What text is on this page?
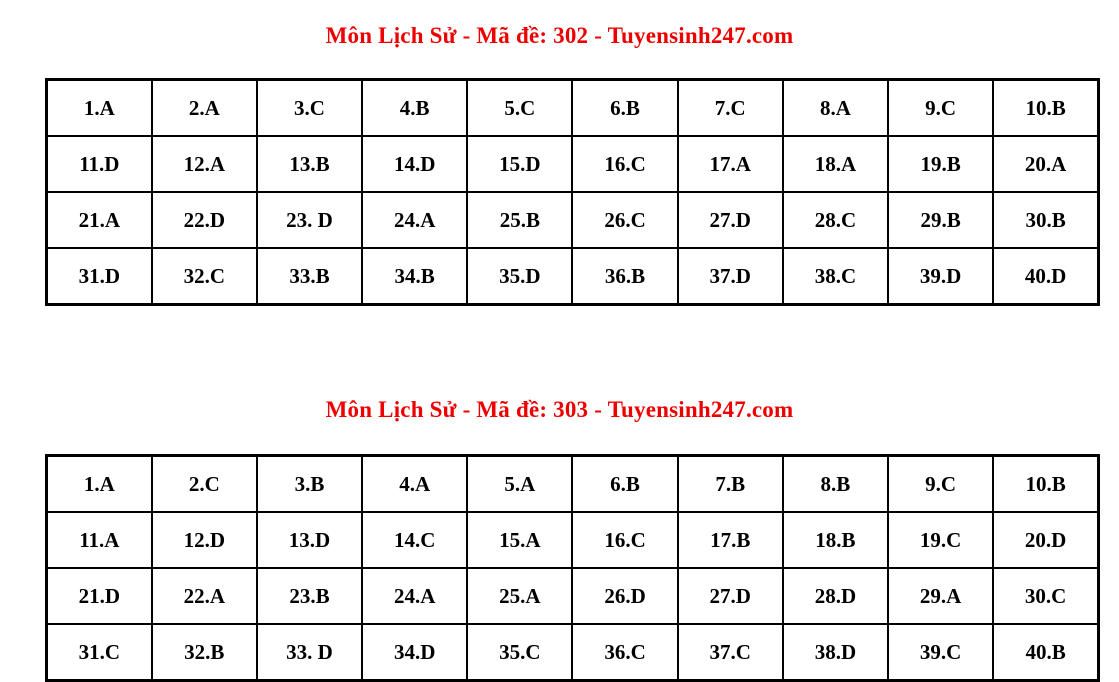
Môn Lịch Sử - Mã đề: 302 - Tuyensinh247.com
1.A	2.A	3.C	4.B	5.C	6.B	7.C	8.A	9.C	10.B
11.D	12.A	13.B	14.D	15.D	16.C	17.A	18.A	19.B	20.A
21.A	22.D	23. D	24.A	25.B	26.C	27.D	28.C	29.B	30.B
31.D	32.C	33.B	34.B	35.D	36.B	37.D	38.C	39.D	40.D
Môn Lịch Sử - Mã đề: 303 - Tuyensinh247.com
1.A	2.C	3.B	4.A	5.A	6.B	7.B	8.B	9.C	10.B
11.A	12.D	13.D	14.C	15.A	16.C	17.B	18.B	19.C	20.D
21.D	22.A	23.B	24.A	25.A	26.D	27.D	28.D	29.A	30.C
31.C	32.B	33. D	34.D	35.C	36.C	37.C	38.D	39.C	40.B
